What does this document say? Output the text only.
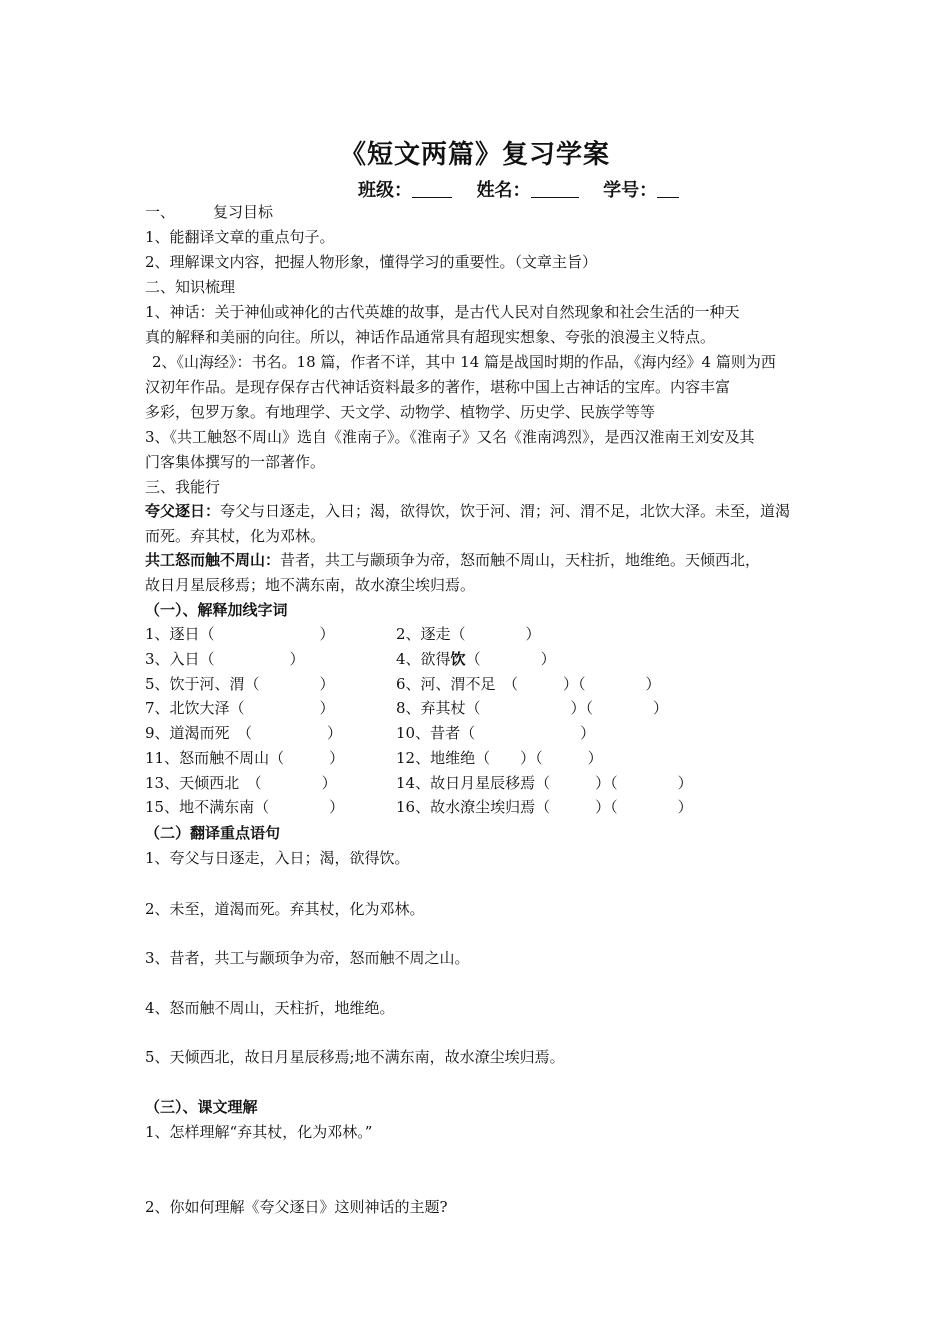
《短文两篇》复习学案
班级：	姓名：	学号：
一、	复习目标
1、能翻译文章的重点句子。
2、理解课文内容，把握人物形象，懂得学习的重要性。（文章主旨）
二、知识梳理
1、神话：关于神仙或神化的古代英雄的故事，是古代人民对自然现象和社会生活的一种天
真的解释和美丽的向往。所以，神话作品通常具有超现实想象、夸张的浪漫主义特点。
2、《山海经》：书名。18 篇，作者不详，其中 14 篇是战国时期的作品，《海内经》4 篇则为西
汉初年作品。是现存保存古代神话资料最多的著作，堪称中国上古神话的宝库。内容丰富
多彩，包罗万象。有地理学、天文学、动物学、植物学、历史学、民族学等等
3、《共工触怒不周山》选自《淮南子》。《淮南子》又名《淮南鸿烈》，是西汉淮南王刘安及其
门客集体撰写的一部著作。
三、我能行
夸父逐日：夸父与日逐走，入日；渴，欲得饮，饮于河、渭；河、渭不足，北饮大泽。未至，道渴
而死。弃其杖，化为邓林。
共工怒而触不周山：昔者，共工与颛顼争为帝，怒而触不周山，天柱折，地维绝。天倾西北，
故日月星辰移焉；地不满东南，故水潦尘埃归焉。
（一）、解释加线字词
1、逐日（　　　　　　　）	2、逐走（　　　　）
3、入日（　　　　　）	4、欲得饮（　　　　）
5、饮于河、渭（　　　　）	6、河、渭不足　（　　　）（　　　　）
7、北饮大泽（　　　　　）	8、弃其杖（　　　　　　）（　　　　）
9、道渴而死　（　　　　　）	10、昔者（　　　　　　　）
11、怒而触不周山（　　　）	12、地维绝（　　）（　　　）
13、天倾西北　（　　　　）	14、故日月星辰移焉（　　　）（　　　　）
15、地不满东南（　　　　）	16、故水潦尘埃归焉（　　　）（　　　　）
（二）翻译重点语句
1、夸父与日逐走，入日；渴，欲得饮。
2、未至，道渴而死。弃其杖，化为邓林。
3、昔者，共工与颛顼争为帝，怒而触不周之山。
4、怒而触不周山，天柱折，地维绝。
5、天倾西北，故日月星辰移焉;地不满东南，故水潦尘埃归焉。
（三）、课文理解
1、怎样理解“弃其杖，化为邓林。”
2、你如何理解《夸父逐日》这则神话的主题?
